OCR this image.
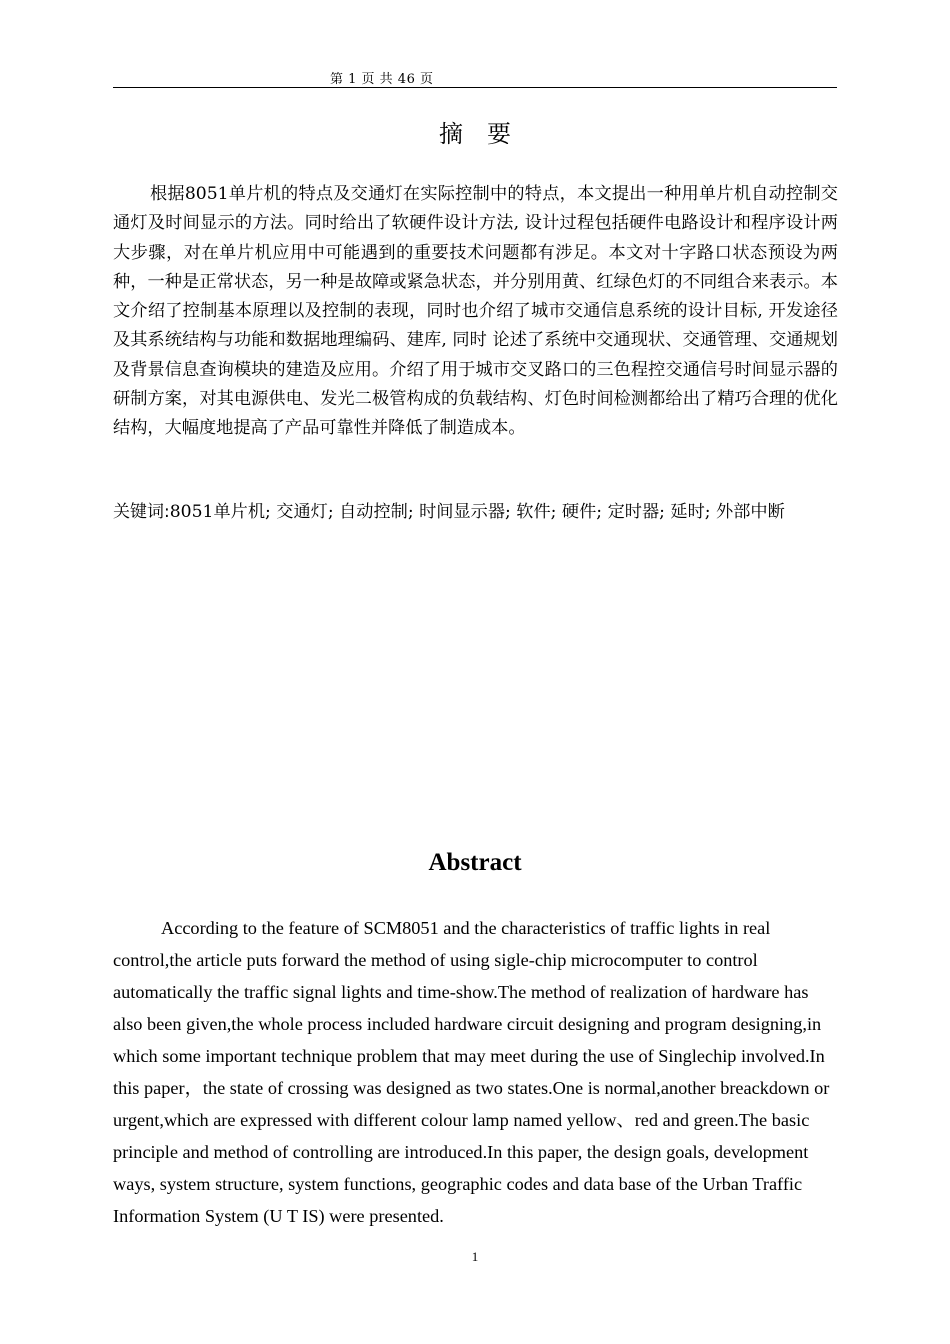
第 1 页 共 46 页
摘要

根据8051单片机的特点及交通灯在实际控制中的特点，本文提出一种用单片机自动控制交通灯及时间显示的方法。同时给出了软硬件设计方法, 设计过程包括硬件电路设计和程序设计两大步骤，对在单片机应用中可能遇到的重要技术问题都有涉足。本文对十字路口状态预设为两种，一种是正常状态，另一种是故障或紧急状态，并分别用黄、红绿色灯的不同组合来表示。本文介绍了控制基本原理以及控制的表现，同时也介绍了城市交通信息系统的设计目标, 开发途径及其系统结构与功能和数据地理编码、建库, 同时 论述了系统中交通现状、交通管理、交通规划及背景信息查询模块的建造及应用。介绍了用于城市交叉路口的三色程控交通信号时间显示器的研制方案，对其电源供电、发光二极管构成的负载结构、灯色时间检测都给出了精巧合理的优化结构，大幅度地提高了产品可靠性并降低了制造成本。

关键词:8051单片机; 交通灯; 自动控制; 时间显示器; 软件; 硬件; 定时器; 延时; 外部中断

Abstract

According to the feature of SCM8051 and the characteristics of traffic lights in real control,the article puts forward the method of using sigle-chip microcomputer to control automatically the traffic signal lights and time-show.The method of realization of hardware has also been given,the whole process included hardware circuit designing and program designing,in which some important technique problem that may meet during the use of Singlechip involved.In this paper，the state of crossing was designed as two states.One is normal,another breackdown or urgent,which are expressed with different colour lamp named yellow、red and green.The basic principle and method of controlling are introduced.In this paper, the design goals, development ways, system structure, system functions, geographic codes and data base of the Urban Traffic Information System (U T IS) were presented.

1
